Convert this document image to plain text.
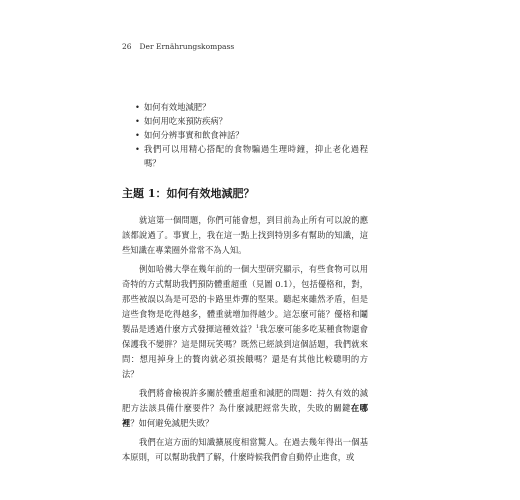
26 Der Ernährungskompass
• 如何有效地減肥？
• 如何用吃來預防疾病？
• 如何分辨事實和飲食神話？
• 我們可以用精心搭配的食物騙過生理時鐘，抑止老化過程嗎？
主題 1：如何有效地減肥？

就這第一個問題，你們可能會想，到目前為止所有可以說的應該都說過了。事實上，我在這一點上找到特別多有幫助的知識，這些知識在專業圈外常常不為人知。

例如哈佛大學在幾年前的一個大型研究顯示，有些食物可以用奇特的方式幫助我們預防體重超重（見圖 0.1），包括優格和，對，那些被誤以為是可恐的卡路里炸彈的堅果。聽起來雖然矛盾，但是這些食物是吃得越多，體重就增加得越少。這怎麼可能？優格和鬮製品是透過什麼方式發揮這種效益？$^1$我怎麼可能多吃某種食物還會保護我不變胖？這是開玩笑嗎？既然已經談到這個話題，我們就來問：想甩掉身上的贅肉就必須挨餓嗎？還是有其他比較聰明的方法？

我們將會檢視許多關於體重超重和減肥的問題：持久有效的減肥方法該具備什麼要件？為什麼減肥經常失敗，失敗的關鍵在哪裡？如何避免減肥失敗？

我們在這方面的知識擴展度相當驚人。在過去幾年得出一個基本原則，可以幫助我們了解，什麼時候我們會自動停止進食，或
